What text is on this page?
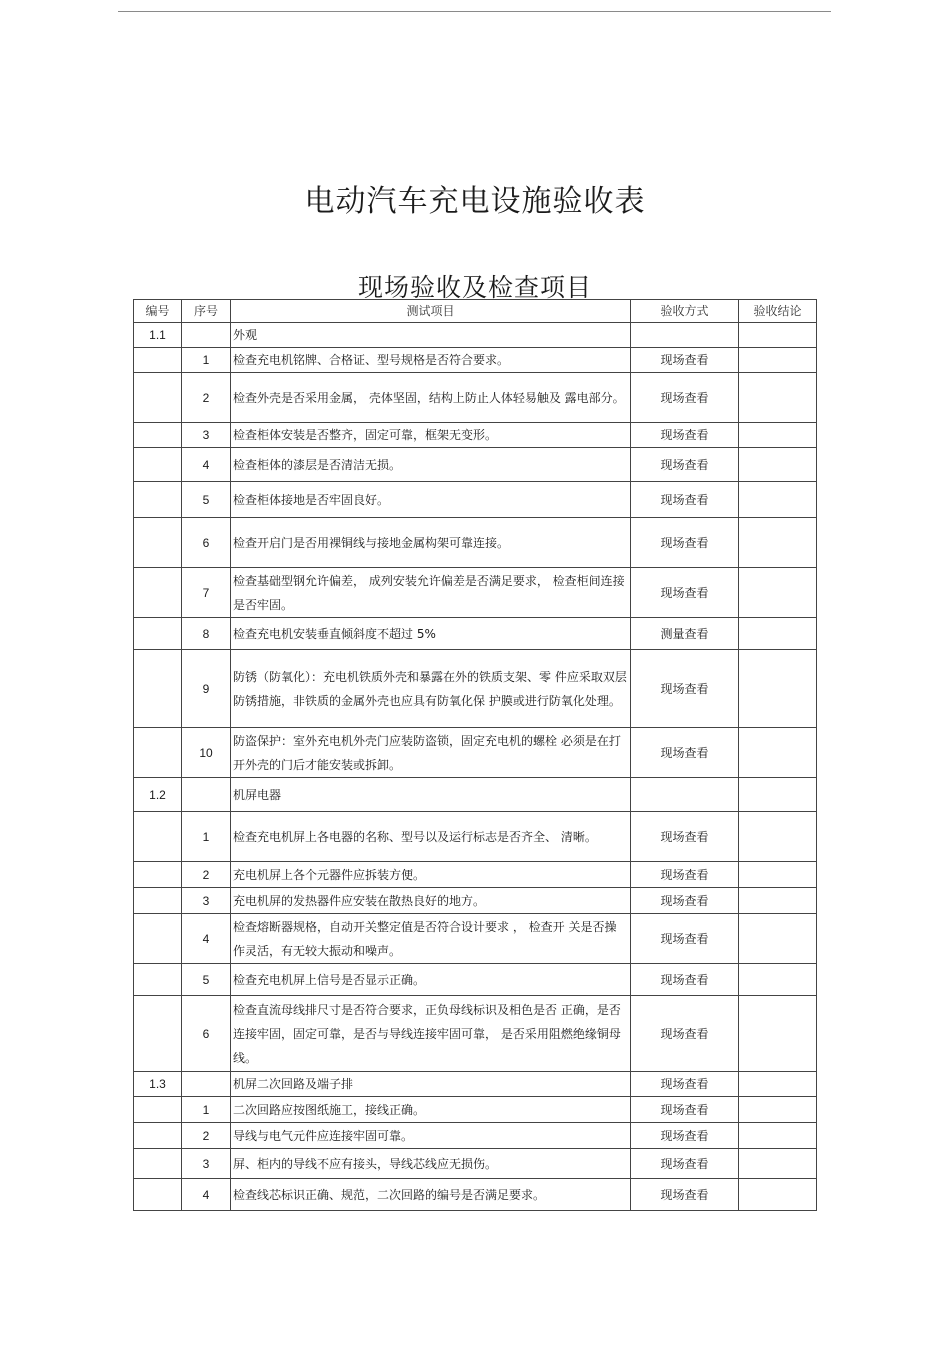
电动汽车充电设施验收表
现场验收及检查项目
编号	序号	测试项目	验收方式	验收结论
1.1		外观		
	1	检查充电机铭牌、合格证、型号规格是否符合要求。	现场查看	
	2	检查外壳是否采用金属， 壳体坚固，结构上防止人体轻易触及 露电部分。	现场查看	
	3	检查柜体安装是否整齐，固定可靠，框架无变形。	现场查看	
	4	检查柜体的漆层是否清洁无损。	现场查看	
	5	检查柜体接地是否牢固良好。	现场查看	
	6	检查开启门是否用裸铜线与接地金属构架可靠连接。	现场查看	
	7	检查基础型钢允许偏差， 成列安装允许偏差是否满足要求， 检查柜间连接是否牢固。	现场查看	
	8	检查充电机安装垂直倾斜度不超过 5%	测量查看	
	9	防锈（防氧化）：充电机铁质外壳和暴露在外的铁质支架、零 件应采取双层防锈措施，非铁质的金属外壳也应具有防氧化保 护膜或进行防氧化处理。	现场查看	
	10	防盗保护：室外充电机外壳门应装防盗锁，固定充电机的螺栓 必须是在打开外壳的门后才能安装或拆卸。	现场查看	
1.2		机屏电器		
	1	检查充电机屏上各电器的名称、型号以及运行标志是否齐全、 清晰。	现场查看	
	2	充电机屏上各个元器件应拆装方便。	现场查看	
	3	充电机屏的发热器件应安装在散热良好的地方。	现场查看	
	4	检查熔断器规格，自动开关整定值是否符合设计要求 ， 检查开 关是否操作灵活，有无较大振动和噪声。	现场查看	
	5	检查充电机屏上信号是否显示正确。	现场查看	
	6	检查直流母线排尺寸是否符合要求，正负母线标识及相色是否 正确，是否连接牢固，固定可靠，是否与导线连接牢固可靠， 是否采用阻燃绝缘铜母线。	现场查看	
1.3		机屏二次回路及端子排	现场查看	
	1	二次回路应按图纸施工，接线正确。	现场查看	
	2	导线与电气元件应连接牢固可靠。	现场查看	
	3	屏、柜内的导线不应有接头，导线芯线应无损伤。	现场查看	
	4	检查线芯标识正确、规范，二次回路的编号是否满足要求。	现场查看	
